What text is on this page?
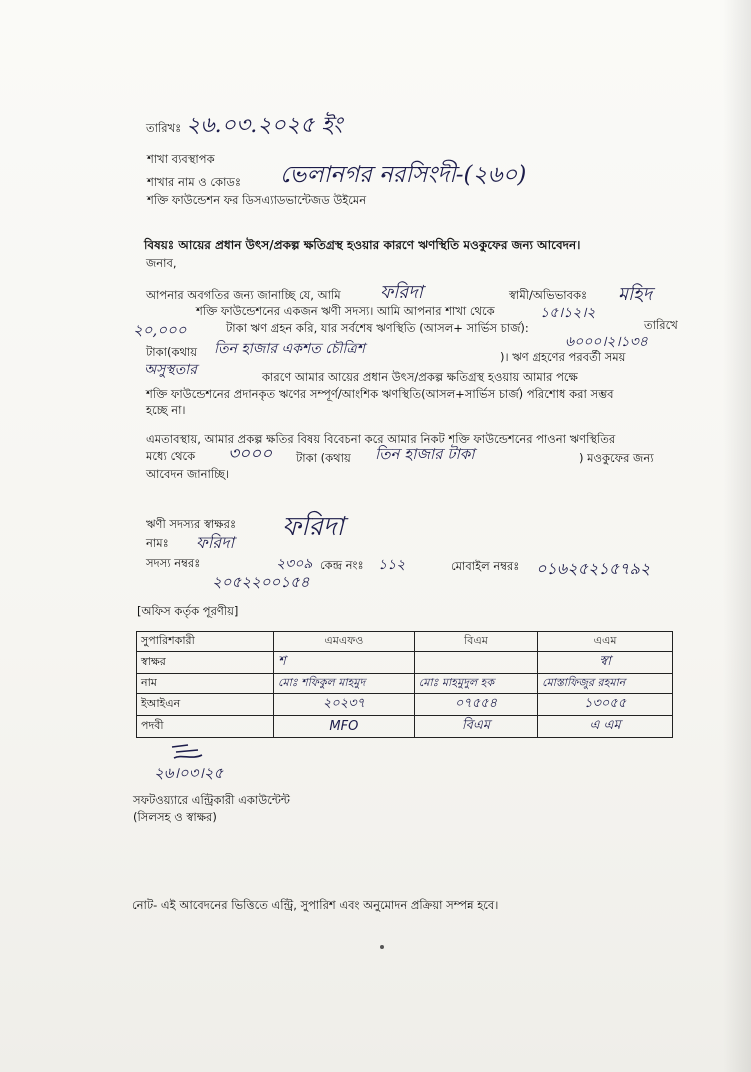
তারিখঃ ২৬.০৩.২০২৫ ইং
শাখা ব্যবস্থাপক
শাখার নাম ও কোডঃ ভেলানগর নরসিংদী-(২৬০)
শক্তি ফাউন্ডেশন ফর ডিসএ্যাডভান্টেজড উইমেন
বিষয়ঃ আয়ের প্রধান উৎস/প্রকল্প ক্ষতিগ্রস্থ হওয়ার কারণে ঋণস্থিতি মওকুফের জন্য আবেদন।
জনাব,
আপনার অবগতির জন্য জানাচ্ছি যে, আমি ফরিদা	স্বামী/অভিভাবকঃ মহিদ
শক্তি ফাউন্ডেশনের একজন ঋণী সদস্য। আমি আপনার শাখা থেকে	১৫।১২।২
তারিখে
২০,০০০	টাকা ঋণ গ্রহন করি, যার সর্বশেষ ঋণস্থিতি (আসল+ সার্ভিস চার্জ):
৬০০০।২।১৩৪
টাকা(কথায় তিন হাজার একশত চৌত্রিশ	)। ঋণ গ্রহণের পরবর্তী সময়
অসুস্থতার	কারণে আমার আয়ের প্রধান উৎস/প্রকল্প ক্ষতিগ্রস্থ হওয়ায় আমার পক্ষে
শক্তি ফাউন্ডেশনের প্রদানকৃত ঋণের সম্পূর্ণ/আংশিক ঋণস্থিতি(আসল+সার্ভিস চার্জ) পরিশোধ করা সম্ভব
হচ্ছে না।
এমতাবস্থায়, আমার প্রকল্প ক্ষতির বিষয় বিবেচনা করে আমার নিকট শক্তি ফাউন্ডেশনের পাওনা ঋণস্থিতির
মধ্যে থেকে ৩০০০ টাকা (কথায় তিন হাজার টাকা	) মওকুফের জন্য
আবেদন জানাচ্ছি।
ঋণী সদস্যর স্বাক্ষরঃ ফরিদা
নামঃ ফরিদা
সদস্য নম্বরঃ	২৩০৯ কেন্দ্র নংঃ ১১২	মোবাইল নম্বরঃ ০১৬২৫২১৫৭৯২
২০৫২২০০১৫৪
[অফিস কর্তৃক পূরণীয়]
সুপারিশকারী	এমএফও	বিএম	এএম
স্বাক্ষর	শ		স্বা
নাম	মোঃ শফিকুল মাহমুদ	মোঃ মাহমুদুল হক	মোস্তাফিজুর রহমান
ইআইএন	২০২৩৭	০৭৫৫৪	১৩০৫৫
পদবী	MFO	বিএম	এ এম
২৬।০৩।২৫
সফটওয়্যারে এন্ট্রিকারী একাউন্টেন্ট
(সিলসহ ও স্বাক্ষর)
নোট- এই আবেদনের ভিত্তিতে এন্ট্রি, সুপারিশ এবং অনুমোদন প্রক্রিয়া সম্পন্ন হবে।
